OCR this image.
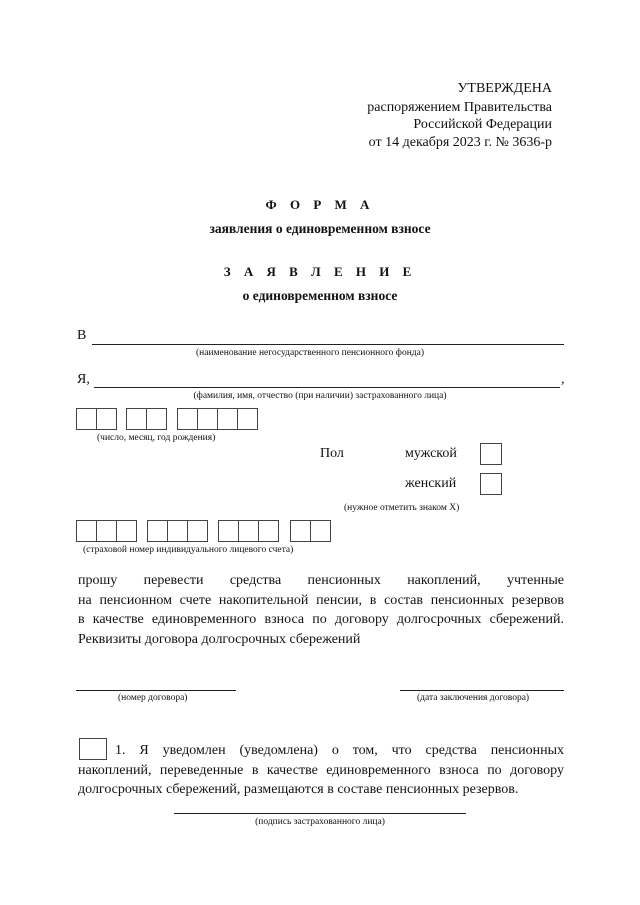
УТВЕРЖДЕНА
распоряжением Правительства
Российской Федерации
от 14 декабря 2023 г. № 3636-р
Ф О Р М А
заявления о единовременном взносе
З А Я В Л Е Н И Е
о единовременном взносе
В
(наименование негосударственного пенсионного фонда)
Я,	,
(фамилия, имя, отчество (при наличии) застрахованного лица)
(число, месяц, год рождения)
Пол	мужской
женский
(нужное отметить знаком X)
(страховой номер индивидуального лицевого счета)
прошу перевести средства пенсионных накоплений, учтенные
на пенсионном счете накопительной пенсии, в состав пенсионных резервов
в качестве единовременного взноса по договору долгосрочных сбережений.
Реквизиты договора долгосрочных сбережений
(номер договора)	(дата заключения договора)
1. Я уведомлен (уведомлена) о том, что средства пенсионных
накоплений, переведенные в качестве единовременного взноса по договору
долгосрочных сбережений, размещаются в составе пенсионных резервов.
(подпись застрахованного лица)
